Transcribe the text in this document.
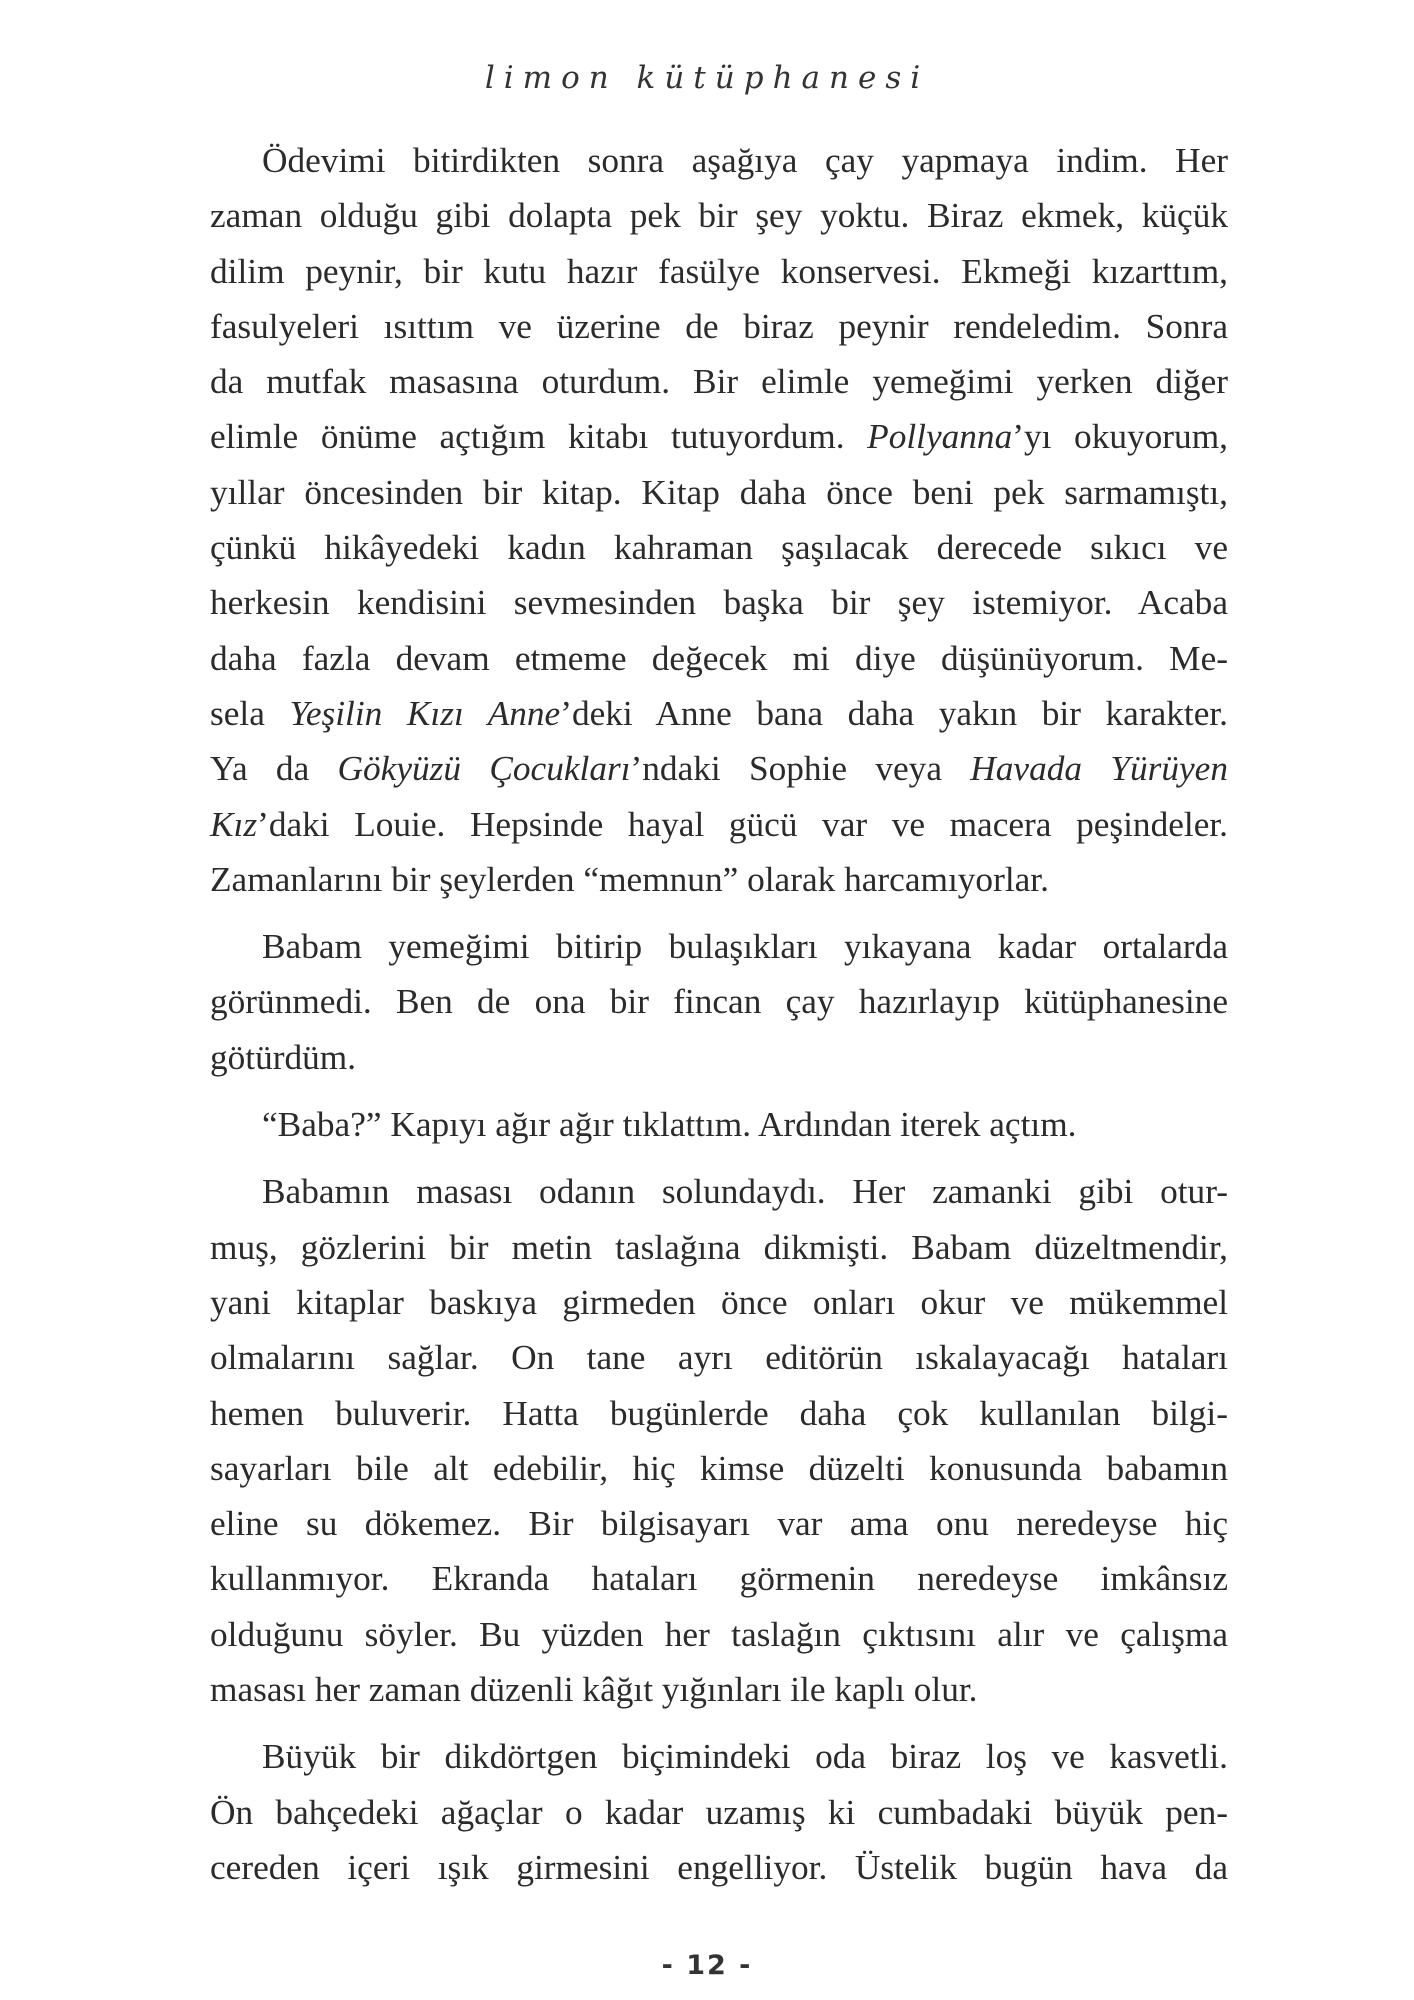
limon kütüphanesi

Ödevimi bitirdikten sonra aşağıya çay yapmaya indim. Her
zaman olduğu gibi dolapta pek bir şey yoktu. Biraz ekmek, küçük
dilim peynir, bir kutu hazır fasülye konservesi. Ekmeği kızarttım,
fasulyeleri ısıttım ve üzerine de biraz peynir rendeledim. Sonra
da mutfak masasına oturdum. Bir elimle yemeğimi yerken diğer
elimle önüme açtığım kitabı tutuyordum. Pollyanna’yı okuyorum,
yıllar öncesinden bir kitap. Kitap daha önce beni pek sarmamıştı,
çünkü hikâyedeki kadın kahraman şaşılacak derecede sıkıcı ve
herkesin kendisini sevmesinden başka bir şey istemiyor. Acaba
daha fazla devam etmeme değecek mi diye düşünüyorum. Me-
sela Yeşilin Kızı Anne’deki Anne bana daha yakın bir karakter.
Ya da Gökyüzü Çocukları’ndaki Sophie veya Havada Yürüyen
Kız’daki Louie. Hepsinde hayal gücü var ve macera peşindeler.
Zamanlarını bir şeylerden “memnun” olarak harcamıyorlar.

Babam yemeğimi bitirip bulaşıkları yıkayana kadar ortalarda
görünmedi. Ben de ona bir fincan çay hazırlayıp kütüphanesine
götürdüm.

“Baba?” Kapıyı ağır ağır tıklattım. Ardından iterek açtım.

Babamın masası odanın solundaydı. Her zamanki gibi otur-
muş, gözlerini bir metin taslağına dikmişti. Babam düzeltmendir,
yani kitaplar baskıya girmeden önce onları okur ve mükemmel
olmalarını sağlar. On tane ayrı editörün ıskalayacağı hataları
hemen buluverir. Hatta bugünlerde daha çok kullanılan bilgi-
sayarları bile alt edebilir, hiç kimse düzelti konusunda babamın
eline su dökemez. Bir bilgisayarı var ama onu neredeyse hiç
kullanmıyor. Ekranda hataları görmenin neredeyse imkânsız
olduğunu söyler. Bu yüzden her taslağın çıktısını alır ve çalışma
masası her zaman düzenli kâğıt yığınları ile kaplı olur.

Büyük bir dikdörtgen biçimindeki oda biraz loş ve kasvetli.
Ön bahçedeki ağaçlar o kadar uzamış ki cumbadaki büyük pen-
cereden içeri ışık girmesini engelliyor. Üstelik bugün hava da

- 12 -
